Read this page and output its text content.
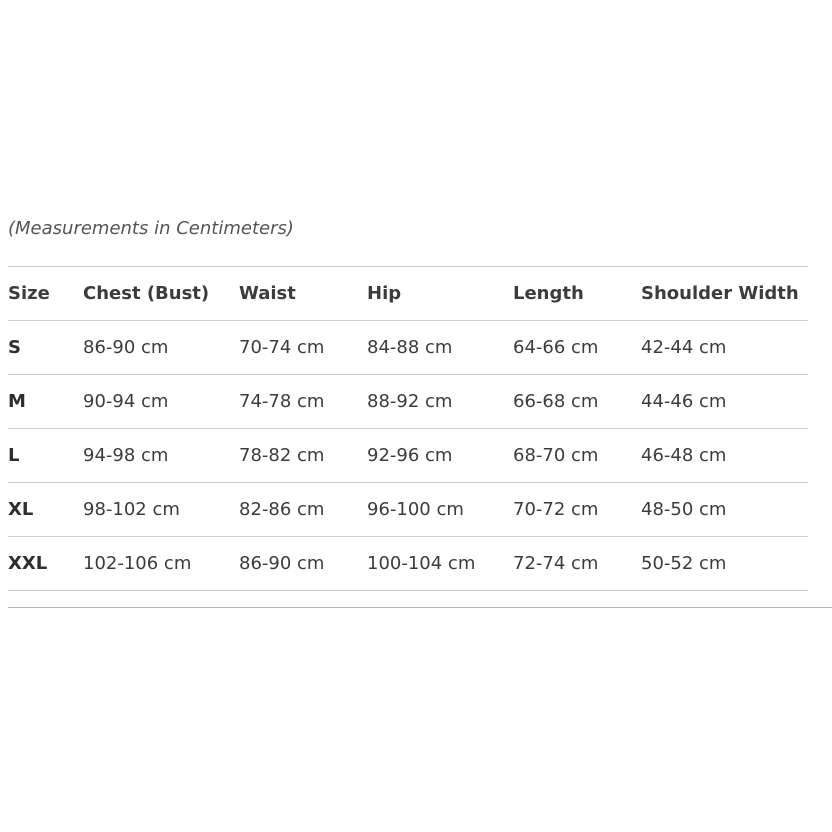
(Measurements in Centimeters)
Size	Chest (Bust)	Waist	Hip	Length	Shoulder Width
S	86-90 cm	70-74 cm	84-88 cm	64-66 cm	42-44 cm
M	90-94 cm	74-78 cm	88-92 cm	66-68 cm	44-46 cm
L	94-98 cm	78-82 cm	92-96 cm	68-70 cm	46-48 cm
XL	98-102 cm	82-86 cm	96-100 cm	70-72 cm	48-50 cm
XXL	102-106 cm	86-90 cm	100-104 cm	72-74 cm	50-52 cm
